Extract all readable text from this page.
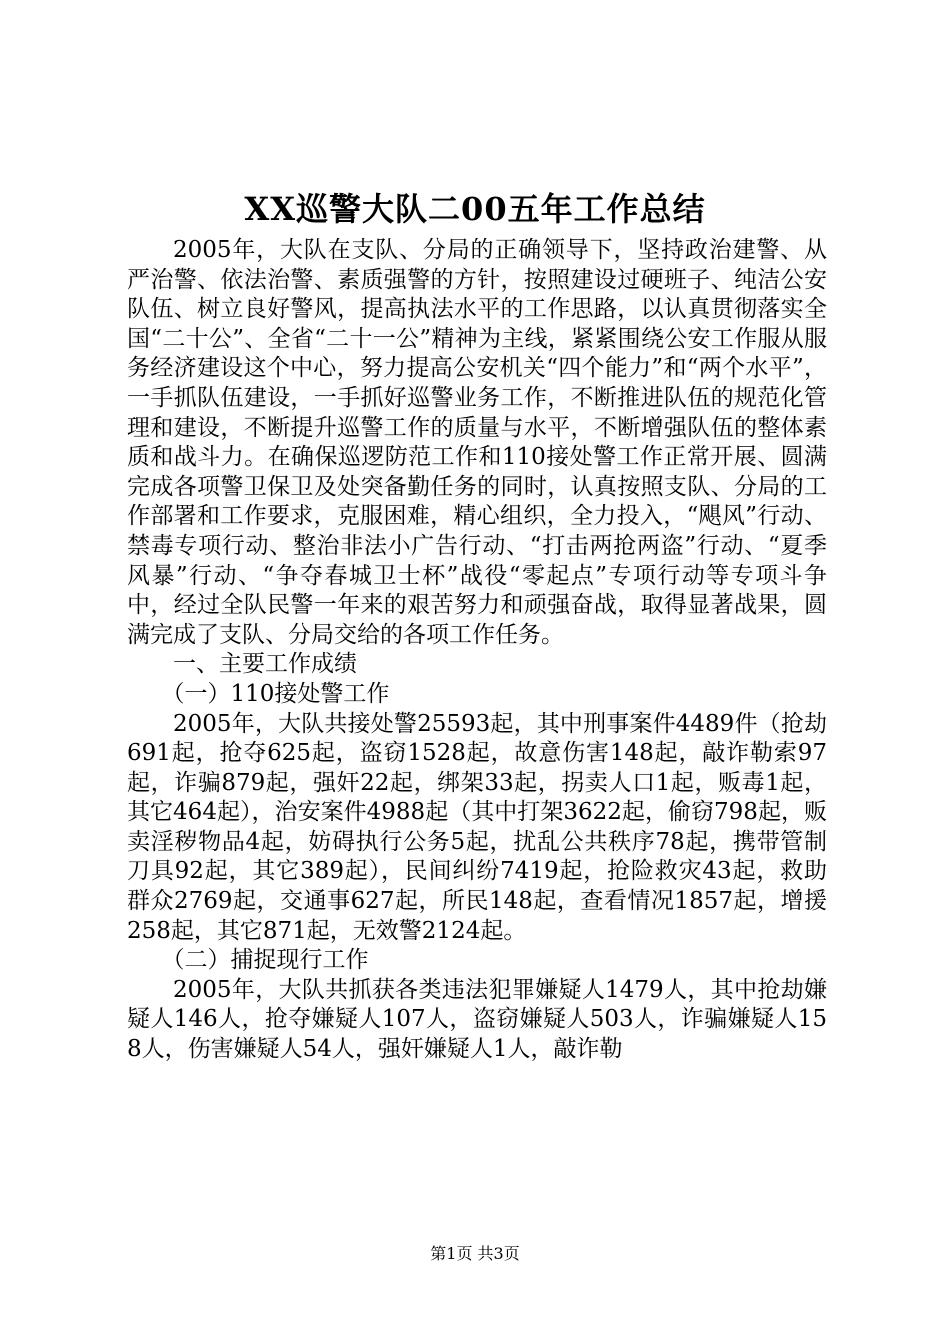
XX巡警大队二00五年工作总结

2005年，大队在支队、分局的正确领导下，坚持政治建警、从严治警、依法治警、素质强警的方针，按照建设过硬班子、纯洁公安队伍、树立良好警风，提高执法水平的工作思路，以认真贯彻落实全国“二十公”、全省“二十一公”精神为主线，紧紧围绕公安工作服从服务经济建设这个中心，努力提高公安机关“四个能力”和“两个水平”，一手抓队伍建设，一手抓好巡警业务工作，不断推进队伍的规范化管理和建设，不断提升巡警工作的质量与水平，不断增强队伍的整体素质和战斗力。在确保巡逻防范工作和110接处警工作正常开展、圆满完成各项警卫保卫及处突备勤任务的同时，认真按照支队、分局的工作部署和工作要求，克服困难，精心组织，全力投入，“飓风”行动、禁毒专项行动、整治非法小广告行动、“打击两抢两盗”行动、“夏季风暴”行动、“争夺春城卫士杯”战役“零起点”专项行动等专项斗争中，经过全队民警一年来的艰苦努力和顽强奋战，取得显著战果，圆满完成了支队、分局交给的各项工作任务。

一、主要工作成绩

（一）110接处警工作

2005年，大队共接处警25593起，其中刑事案件4489件（抢劫691起，抢夺625起，盗窃1528起，故意伤害148起，敲诈勒索97起，诈骗879起，强奸22起，绑架33起，拐卖人口1起，贩毒1起，其它464起），治安案件4988起（其中打架3622起，偷窃798起，贩卖淫秽物品4起，妨碍执行公务5起，扰乱公共秩序78起，携带管制刀具92起，其它389起），民间纠纷7419起，抢险救灾43起，救助群众2769起，交通事627起，所民148起，查看情况1857起，增援258起，其它871起，无效警2124起。

（二）捕捉现行工作

2005年，大队共抓获各类违法犯罪嫌疑人1479人，其中抢劫嫌疑人146人，抢夺嫌疑人107人，盗窃嫌疑人503人，诈骗嫌疑人158人，伤害嫌疑人54人，强奸嫌疑人1人，敲诈勒

第1页 共3页
